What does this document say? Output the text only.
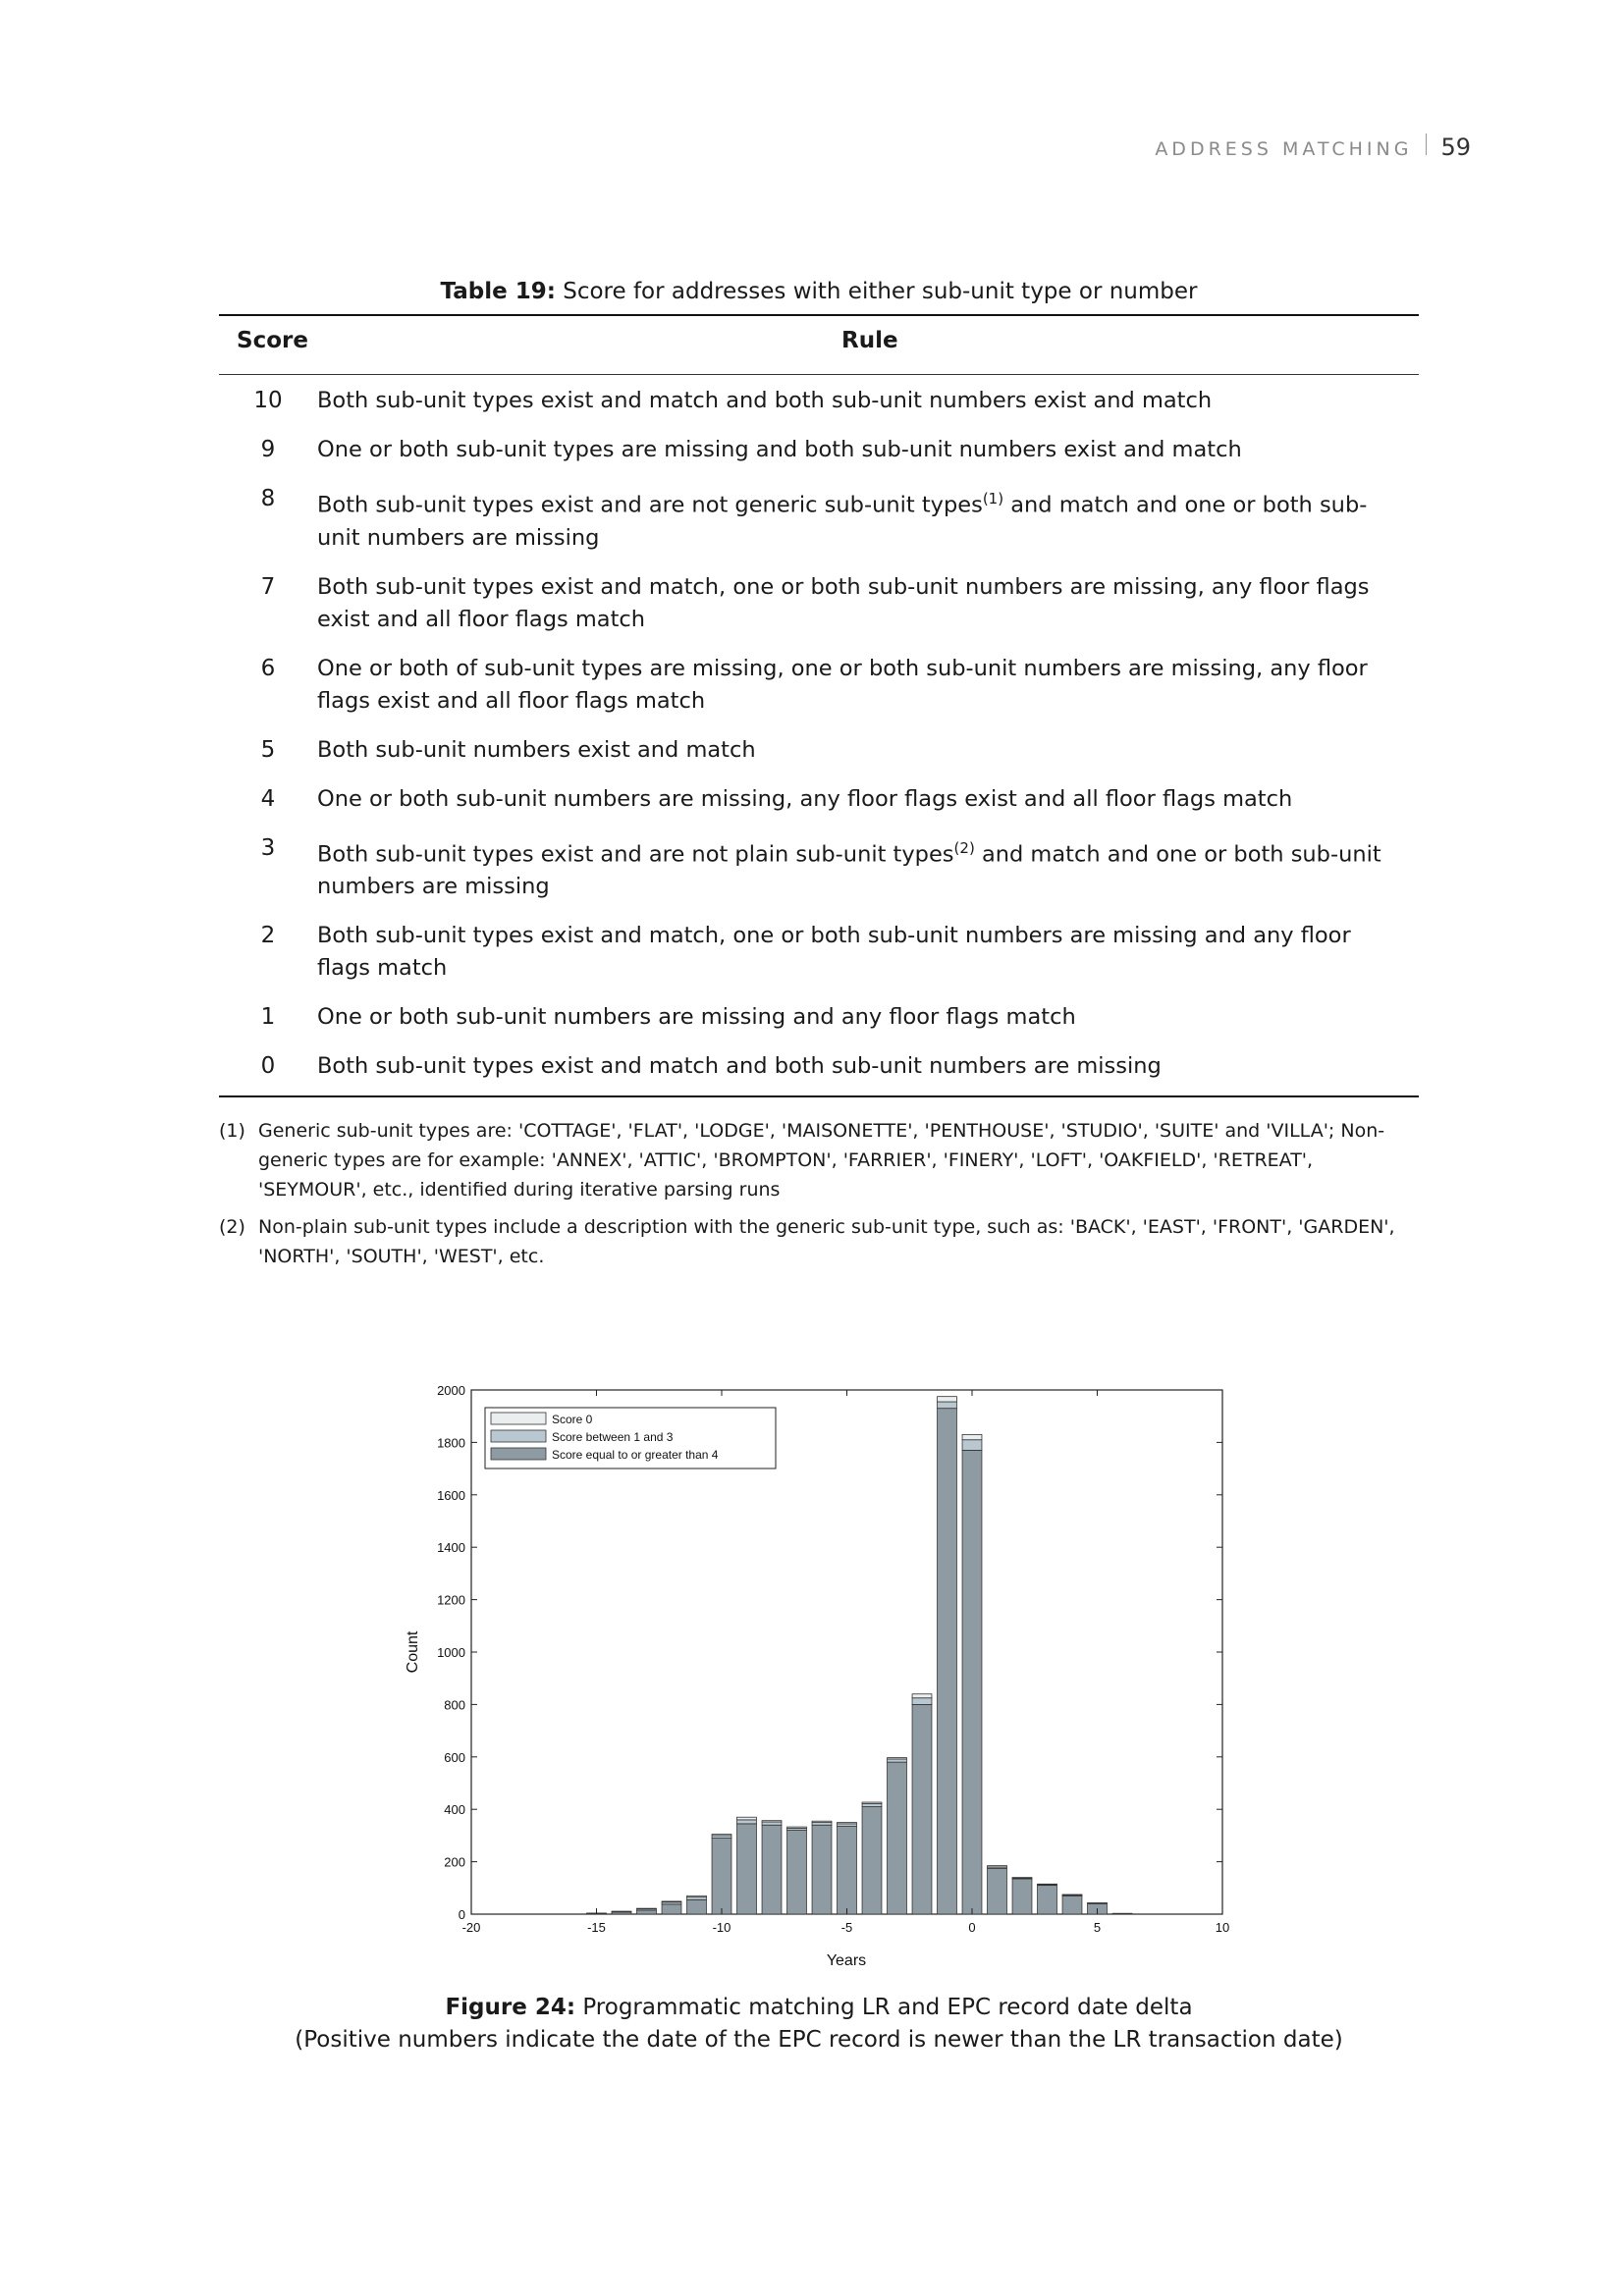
ADDRESS MATCHING 59
Table 19: Score for addresses with either sub-unit type or number
Score	Rule
10	Both sub-unit types exist and match and both sub-unit numbers exist and match
9	One or both sub-unit types are missing and both sub-unit numbers exist and match
8	Both sub-unit types exist and are not generic sub-unit types$^{(1)}$ and match and one or both sub-unit numbers are missing
7	Both sub-unit types exist and match, one or both sub-unit numbers are missing, any floor flags exist and all floor flags match
6	One or both of sub-unit types are missing, one or both sub-unit numbers are missing, any floor flags exist and all floor flags match
5	Both sub-unit numbers exist and match
4	One or both sub-unit numbers are missing, any floor flags exist and all floor flags match
3	Both sub-unit types exist and are not plain sub-unit types$^{(2)}$ and match and one or both sub-unit numbers are missing
2	Both sub-unit types exist and match, one or both sub-unit numbers are missing and any floor flags match
1	One or both sub-unit numbers are missing and any floor flags match
0	Both sub-unit types exist and match and both sub-unit numbers are missing
(1) Generic sub-unit types are: 'COTTAGE', 'FLAT', 'LODGE', 'MAISONETTE', 'PENTHOUSE', 'STUDIO', 'SUITE' and 'VILLA'; Non-generic types are for example: 'ANNEX', 'ATTIC', 'BROMPTON', 'FARRIER', 'FINERY', 'LOFT', 'OAKFIELD', 'RETREAT', 'SEYMOUR', etc., identified during iterative parsing runs
(2) Non-plain sub-unit types include a description with the generic sub-unit type, such as: 'BACK', 'EAST', 'FRONT', 'GARDEN', 'NORTH', 'SOUTH', 'WEST', etc.
-20	-15	-10	-5	0	5	10
0
200
400
600
800
1000
1200
1400
1600
1800
2000
Years
Count
Score 0
Score between 1 and 3
Score equal to or greater than 4
Figure 24: Programmatic matching LR and EPC record date delta
(Positive numbers indicate the date of the EPC record is newer than the LR transaction date)
